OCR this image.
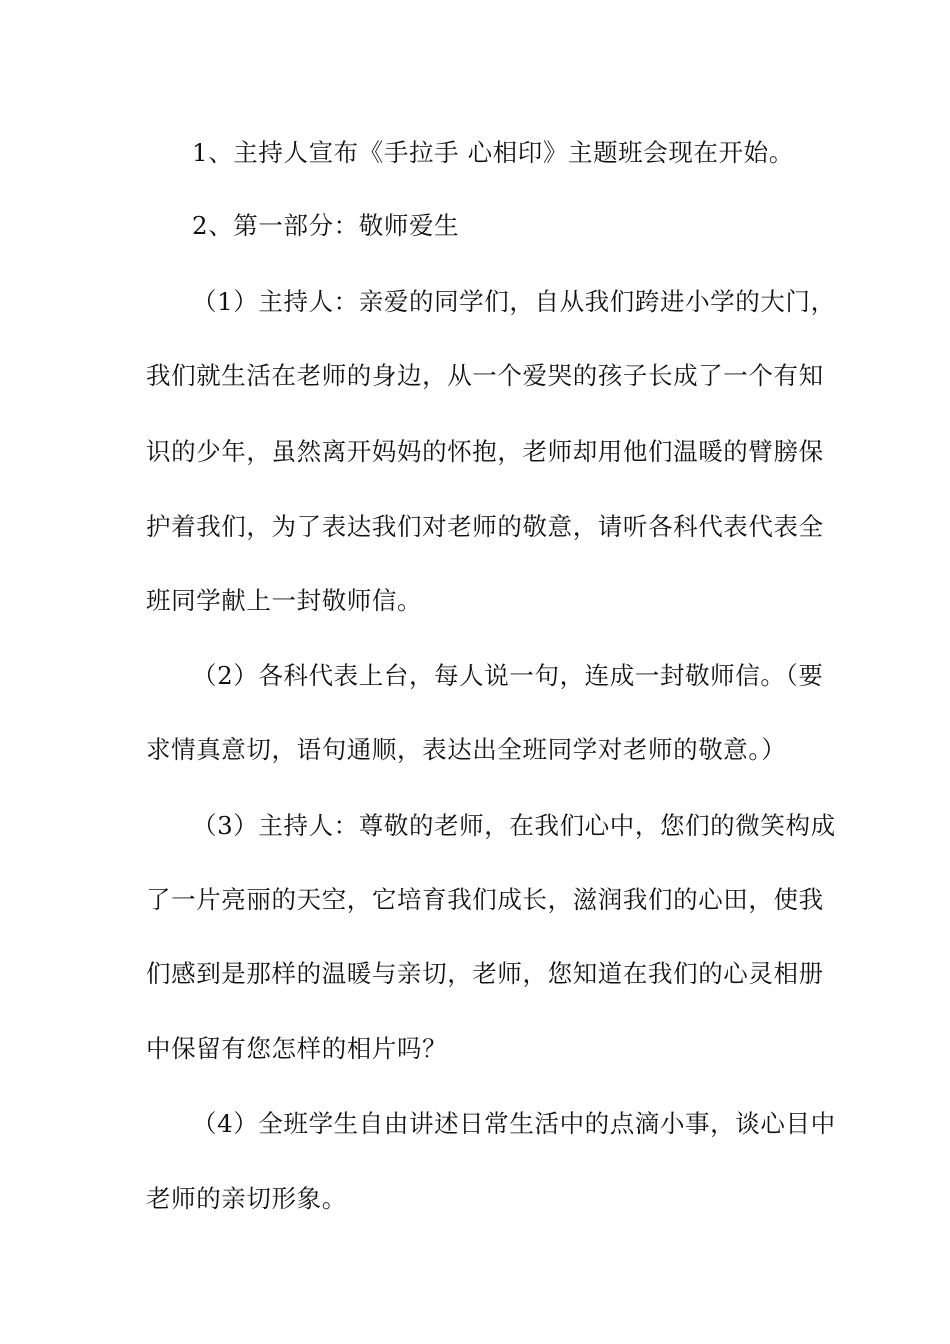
1、主持人宣布《手拉手 心相印》主题班会现在开始。
2、第一部分：敬师爱生
（1）主持人：亲爱的同学们，自从我们跨进小学的大门，
我们就生活在老师的身边，从一个爱哭的孩子长成了一个有知
识的少年，虽然离开妈妈的怀抱，老师却用他们温暖的臂膀保
护着我们，为了表达我们对老师的敬意，请听各科代表代表全
班同学献上一封敬师信。
（2）各科代表上台，每人说一句，连成一封敬师信。（要
求情真意切，语句通顺，表达出全班同学对老师的敬意。）
（3）主持人：尊敬的老师，在我们心中，您们的微笑构成
了一片亮丽的天空，它培育我们成长，滋润我们的心田，使我
们感到是那样的温暖与亲切，老师，您知道在我们的心灵相册
中保留有您怎样的相片吗？
（4）全班学生自由讲述日常生活中的点滴小事，谈心目中
老师的亲切形象。
